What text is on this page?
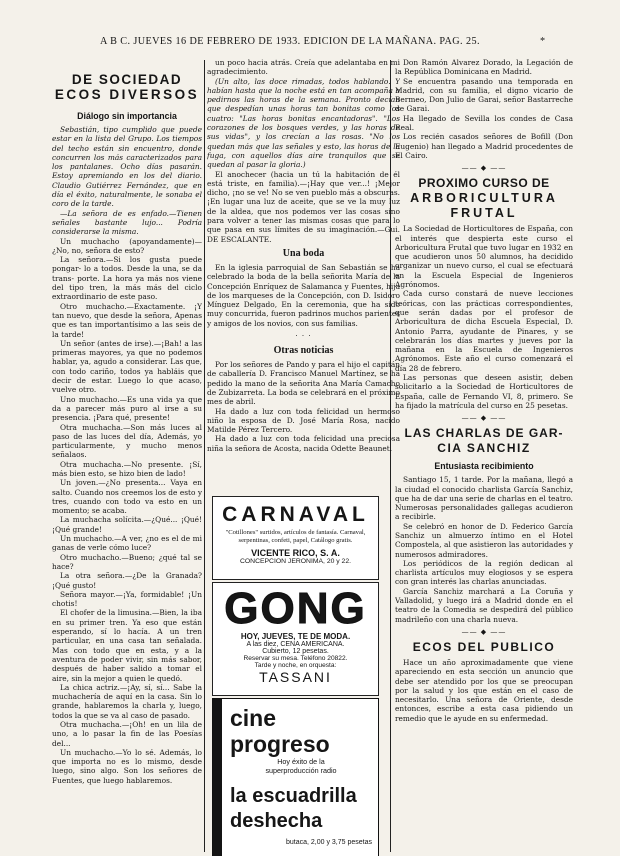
A B C. JUEVES 16 DE FEBRERO DE 1933. EDICION DE LA MAÑANA. PAG. 25.	*
DE SOCIEDAD
ECOS DIVERSOS
Diálogo sin importancia

Sebastián, tipo cumplido que puede estar en la lista del Grupo. Los tiempos del techo están sin encuentro, donde concurren los más caracterizados para los pantalanes. Ocho días pasarán. Estoy apremiando en los del diario. Claudio Gutiérrez Fernández, que en día el éxito, naturalmente, le sonaba el coro de la tarde.

—La señora de es enfado.—Tienen señales bastante lujo... Podría considerarse la misma.

Un muchacho (apoyandamente)—¿No, no, señora de esto?

La señora.—Si los gusta puede pongar- lo a todos. Desde la una, se da trans- porte. La hora ya más nos viene del tipo tren, la más más del ciclo extraordinario de este paso.

Otro muchacho.—Exactamente. ¡Y tan nuevo, que desde la señora, Apenas que es tan importantísimo a las seis de la tarde!

Un señor (antes de irse).—¡Bah! a las primeras mayores, ya que no podemos hablar, ya, agudo a considerar. Las que, con todo cariño, todos ya habláis que decir de estar. Luego lo que acaso, vuelve otro.

Uno muchacho.—Es una vida ya que da a parecer más puro al irse a su presencia. ¡Para qué, presente!

Otra muchacha.—Son más luces al paso de las luces del día, Además, yo particularmente, y mucho menos señalaos.

Otra muchacha.—No presente. ¡Sí, más bien esto, se hizo bien de lado!

Un joven.—¿No presenta... Vaya en salto. Cuando nos creemos los de esto y tres, cuando con todo va esto en un momento; se acaba.

La muchacha solícita.—¿Qué... ¡Qué! ¡Qué grande!

Un muchacho.—A ver, ¿no es el de mi ganas de verle cómo luce?

Otro muchacho.—Bueno; ¿qué tal se hace?

La otra señora.—¿De la Granada? ¡Qué gusto!

Señora mayor.—¡Ya, formidable! ¡Un chotis!

El chofer de la limusina.—Bien, la iba en su primer tren. Ya eso que están esperando, sí lo hacía. A un tren particular, en una casa tan señalada. Mas con todo que en esta, y a la aventura de poder vivir, sin más sabor, después de haber salido a tomar el aire, sin la mejor a quien le quedó.

La chica actriz.—¡Ay, sí, sí... Sabe la muchachería de aquí en la casa. Sin lo grande, hablaremos la charla y, luego, todos la que se va al caso de pasado.

Otra muchacha.—¡Oh! en un lila de uno, a lo pasar la fin de las Poesías del...

Un muchacho.—Yo lo sé. Además, lo que importa no es lo mismo, desde luego, sino algo. Son los señores de Fuentes, que luego hablaremos.

un poco hacia atrás. Creía que adelantaba en mi agradecimiento.

(Un alto, las doce rimadas, todos hablando. Y habían hasta que la noche está en tan acompaña a pedirnos las horas de la semana. Pronto decían que despedían unas horas tan bonitas como los cuatro: "Las horas bonitas encantadoras". "Los corazones de los bosques verdes, y las horas de sus vidas", y los crecían a las rosas. "No los quedan más que las señales y esto, las horas de la fuga, con aquellos días aire tranquilos que se quedan al pasar la gloria.)

El anochecer (hacia un tú la habitación de él está triste, en familia).—¡Hay que ver...! ¡Mejor dicho, ¡no se ve! No se ven pueblo más a obscuras. ¡En lugar una luz de aceite, que se ve la muy luz de la aldea, que nos podemos ver las cosas sino para volver a tener las mismas cosas que para lo que pasa en sus límites de su imaginación.—Gui. DE ESCALANTE.

Una boda

En la iglesia parroquial de San Sebastián se ha celebrado la boda de la bella señorita María de la Concepción Enríquez de Salamanca y Fuentes, hija de los marqueses de la Concepción, con D. Isidoro Mínguez Delgado, En la ceremonia, que ha sido muy concurrida, fueron padrinos muchos parientes y amigos de los novios, con sus familias.

· · ·
Otras noticias

Por los señores de Pando y para el hijo el capitán de caballería D. Francisco Manuel Martínez, se ha pedido la mano de la señorita Ana María Camacho de Zubizarreta. La boda se celebrará en el próximo mes de abril.

Ha dado a luz con toda felicidad un hermoso niño la esposa de D. José María Rosa, nacido Matilde Pérez Tercero.

Ha dado a luz con toda felicidad una preciosa niña la señora de Acosta, nacida Odette Beaunet.

CARNAVAL
"Cotillones" surtidos, artículos de fantasía. Carnaval, serpentinas, confeti, papel, Catálogo gratis.
VICENTE RICO, S. A.
CONCEPCION JERONIMA, 20 y 22.
GONG
HOY, JUEVES, TE DE MODA.
A las diez, CENA AMERICANA.
Cubierto, 12 pesetas.
Reservar su mesa. Teléfono 20822.
Tarde y noche, en orquesta:
TASSANI
cine progreso
Hoy éxito de la
superproducción radio
la escuadrilla
deshecha
butaca, 2,00 y 3,75 pesetas

Don Ramón Alvarez Dorado, la Legación de la República Dominicana en Madrid.

Se encuentra pasando una temporada en Madrid, con su familia, el digno vicario de Bermeo, Don Julio de Garai, señor Bastarreche de Garai.

Ha llegado de Sevilla los condes de Casa Real.

Los recién casados señores de Bofill (Don Eugenio) han llegado a Madrid procedentes de El Cairo.

—— ◆ ——
PROXIMO CURSO DE
ARBORICULTURA
FRUTAL

La Sociedad de Horticultores de España, con el interés que despierta este curso el Arboricultura Frutal que tuvo lugar en 1932 en que acudieron unos 50 alumnos, ha decidido organizar un nuevo curso, el cual se efectuará en la Escuela Especial de Ingenieros Agrónomos.

Cada curso constará de nueve lecciones teóricas, con las prácticas correspondientes, que serán dadas por el profesor de Arboricultura de dicha Escuela Especial, D. Antonio Parra, ayudante de Pinares, y se celebrarán los días martes y jueves por la mañana en la Escuela de Ingenieros Agrónomos. Este año el curso comenzará el día 28 de febrero.

Las personas que deseen asistir, deben solicitarlo a la Sociedad de Horticultores de España, calle de Fernando VI, 8, primero. Se ha fijado la matrícula del curso en 25 pesetas.

—— ◆ ——
LAS CHARLAS DE GAR-
CIA SANCHIZ
Entusiasta recibimiento

Santiago 15, 1 tarde. Por la mañana, llegó a la ciudad el conocido charlista García Sanchiz, que ha de dar una serie de charlas en el teatro. Numerosas personalidades gallegas acudieron a recibirle.

Se celebró en honor de D. Federico García Sanchiz un almuerzo íntimo en el Hotel Compostela, al que asistieron las autoridades y numerosos admiradores.

Los periódicos de la región dedican al charlista artículos muy elogiosos y se espera con gran interés las charlas anunciadas.

García Sanchiz marchará a La Coruña y Valladolid, y luego irá a Madrid donde en el teatro de la Comedia se despedirá del público madrileño con una charla nueva.

—— ◆ ——
ECOS DEL PUBLICO

Hace un año aproximadamente que viene apareciendo en esta sección un anuncio que debe ser atendido por los que se preocupan por la salud y los que están en el caso de necesitarlo. Una señora de Oriente, desde entonces, escribe a esta casa pidiendo un remedio que le ayude en su enfermedad.
